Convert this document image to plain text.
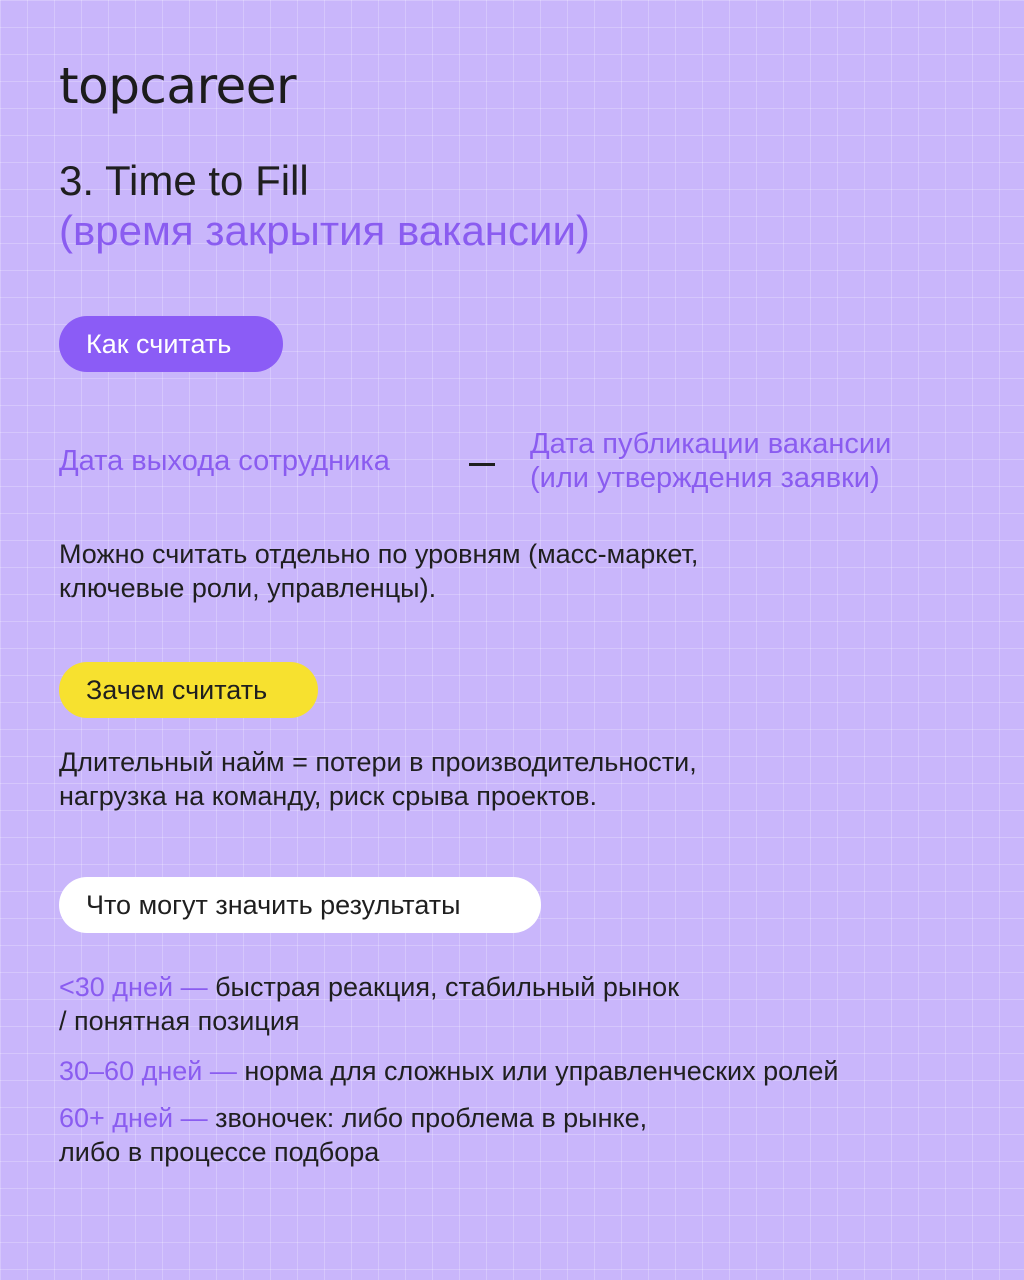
topcareer
3. Time to Fill
(время закрытия вакансии)
Как считать
Дата выхода сотрудника
Дата публикации вакансии
(или утверждения заявки)
Можно считать отдельно по уровням (масс-маркет,
ключевые роли, управленцы).
Зачем считать
Длительный найм = потери в производительности,
нагрузка на команду, риск срыва проектов.
Что могут значить результаты
<30 дней — быстрая реакция, стабильный рынок
/ понятная позиция
30–60 дней — норма для сложных или управленческих ролей
60+ дней — звоночек: либо проблема в рынке,
либо в процессе подбора
